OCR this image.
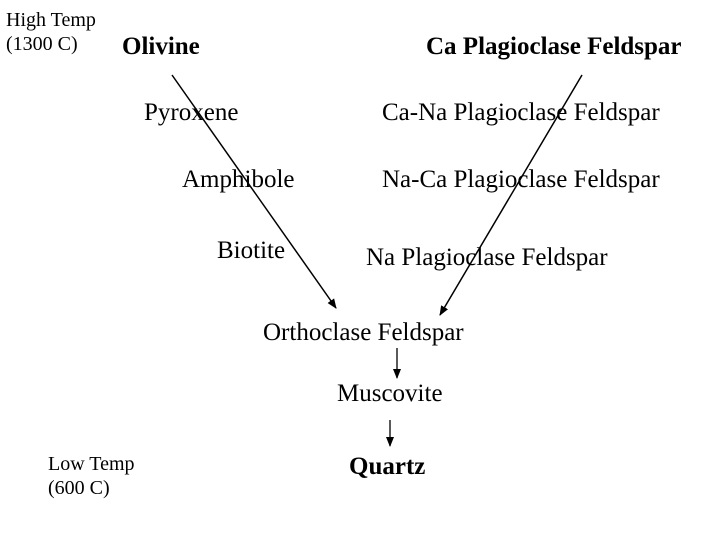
High Temp
(1300 C)	Olivine	Ca Plagioclase Feldspar
Pyroxene	Ca-Na Plagioclase Feldspar
Amphibole	Na-Ca Plagioclase Feldspar
Biotite	Na Plagioclase Feldspar
Orthoclase Feldspar
Muscovite
Quartz
Low Temp
(600 C)
